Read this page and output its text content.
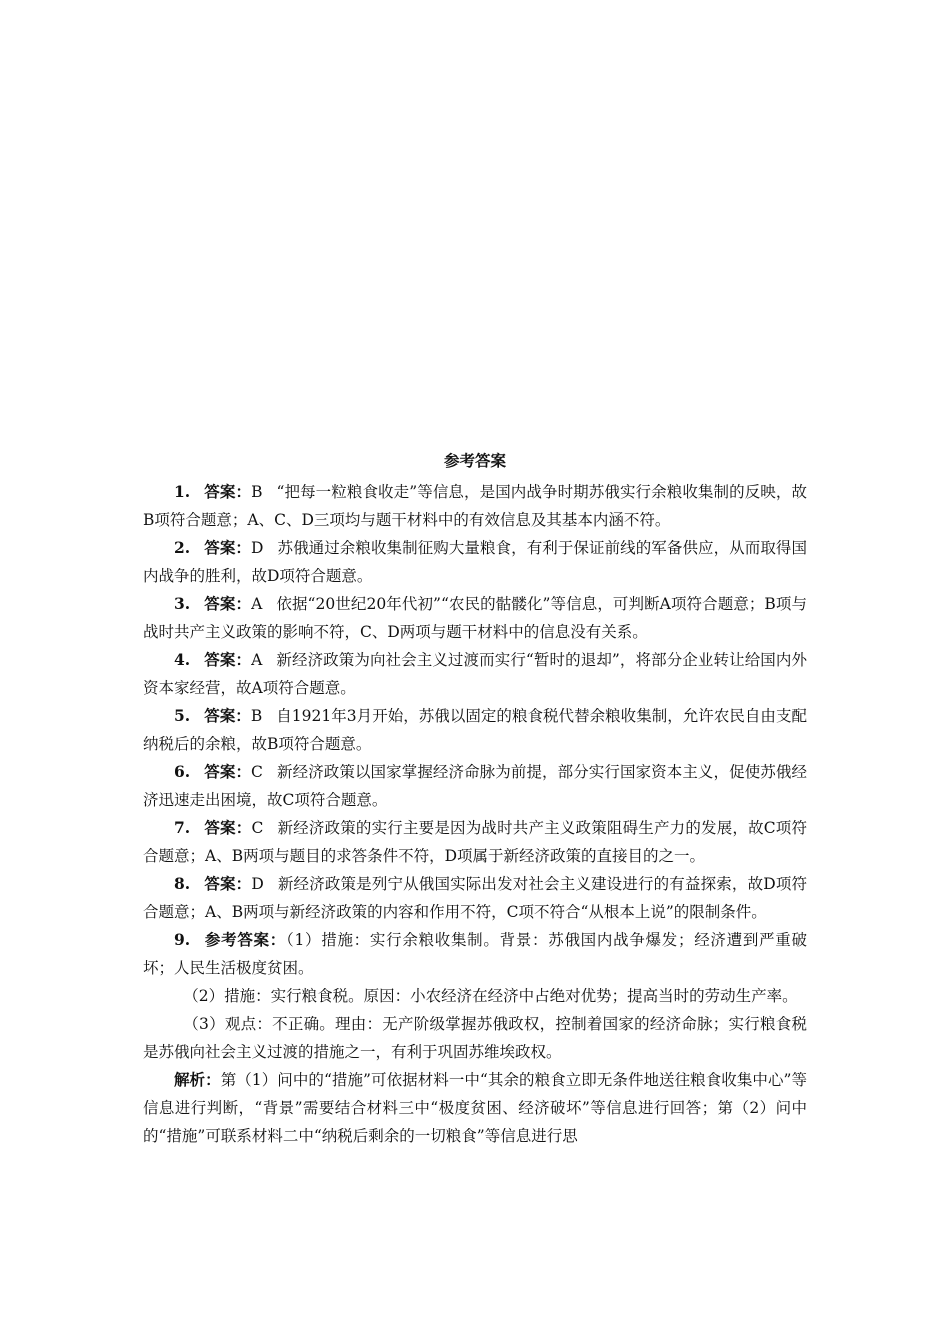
参考答案

1. 答案：B “把每一粒粮食收走”等信息，是国内战争时期苏俄实行余粮收集制的反映，故B项符合题意；A、C、D三项均与题干材料中的有效信息及其基本内涵不符。

2. 答案：D 苏俄通过余粮收集制征购大量粮食，有利于保证前线的军备供应，从而取得国内战争的胜利，故D项符合题意。

3. 答案：A 依据“20世纪20年代初”“农民的骷髅化”等信息，可判断A项符合题意；B项与战时共产主义政策的影响不符，C、D两项与题干材料中的信息没有关系。

4. 答案：A 新经济政策为向社会主义过渡而实行“暂时的退却”，将部分企业转让给国内外资本家经营，故A项符合题意。

5. 答案：B 自1921年3月开始，苏俄以固定的粮食税代替余粮收集制，允许农民自由支配纳税后的余粮，故B项符合题意。

6. 答案：C 新经济政策以国家掌握经济命脉为前提，部分实行国家资本主义，促使苏俄经济迅速走出困境，故C项符合题意。

7. 答案：C 新经济政策的实行主要是因为战时共产主义政策阻碍生产力的发展，故C项符合题意；A、B两项与题目的求答条件不符，D项属于新经济政策的直接目的之一。

8. 答案：D 新经济政策是列宁从俄国实际出发对社会主义建设进行的有益探索，故D项符合题意；A、B两项与新经济政策的内容和作用不符，C项不符合“从根本上说”的限制条件。

9. 参考答案：（1）措施：实行余粮收集制。背景：苏俄国内战争爆发；经济遭到严重破坏；人民生活极度贫困。

（2）措施：实行粮食税。原因：小农经济在经济中占绝对优势；提高当时的劳动生产率。

（3）观点：不正确。理由：无产阶级掌握苏俄政权，控制着国家的经济命脉；实行粮食税是苏俄向社会主义过渡的措施之一，有利于巩固苏维埃政权。

解析：第（1）问中的“措施”可依据材料一中“其余的粮食立即无条件地送往粮食收集中心”等信息进行判断，“背景”需要结合材料三中“极度贫困、经济破坏”等信息进行回答；第（2）问中的“措施”可联系材料二中“纳税后剩余的一切粮食”等信息进行思
